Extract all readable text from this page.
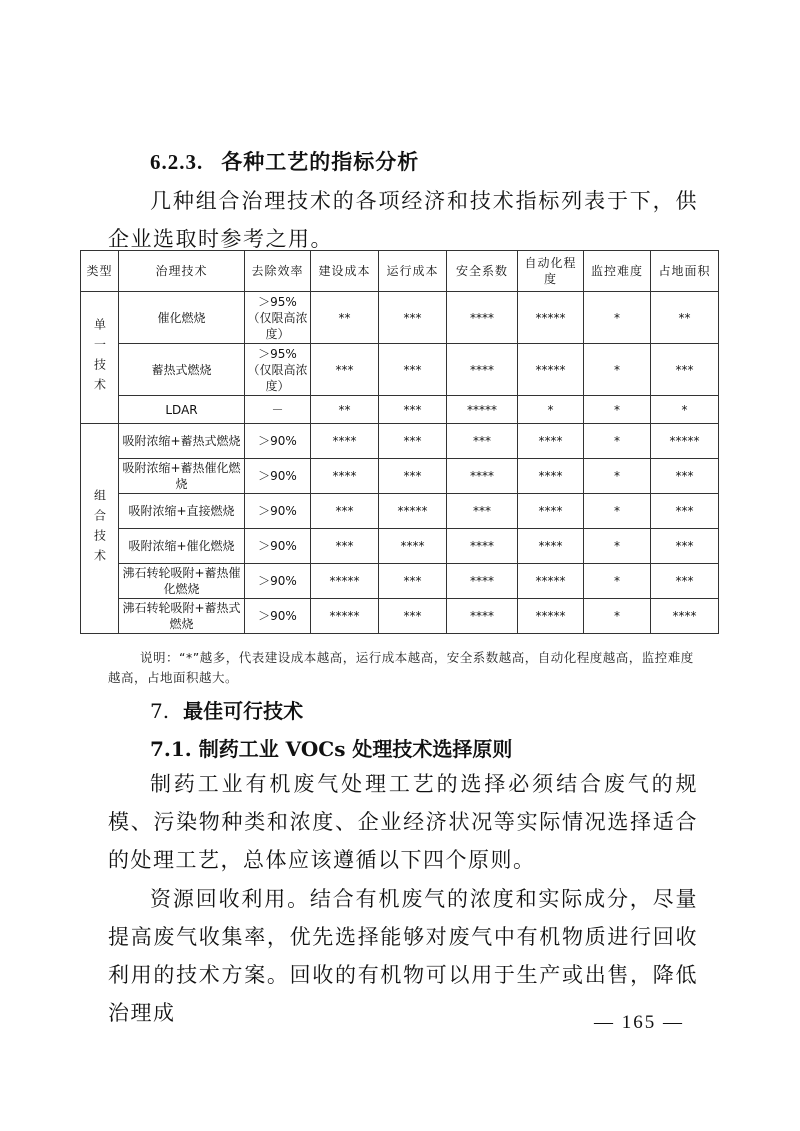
6.2.3. 各种工艺的指标分析
几种组合治理技术的各项经济和技术指标列表于下，供企业选取时参考之用。
类型	治理技术	去除效率	建设成本	运行成本	安全系数	自动化程度	监控难度	占地面积
单一技术	催化燃烧	＞95%（仅限高浓度）	**	***	****	*****	*	**
	蓄热式燃烧	＞95%（仅限高浓度）	***	***	****	*****	*	***
	LDAR	－	**	***	*****	*	*	*
组合技术	吸附浓缩+蓄热式燃烧	＞90%	****	***	***	****	*	*****
	吸附浓缩+蓄热催化燃烧	＞90%	****	***	****	****	*	***
	吸附浓缩+直接燃烧	＞90%	***	*****	***	****	*	***
	吸附浓缩+催化燃烧	＞90%	***	****	****	****	*	***
	沸石转轮吸附+蓄热催化燃烧	＞90%	*****	***	****	*****	*	***
	沸石转轮吸附+蓄热式燃烧	＞90%	*****	***	****	*****	*	****
说明：“*”越多，代表建设成本越高，运行成本越高，安全系数越高，自动化程度越高，监控难度越高，占地面积越大。
7. 最佳可行技术
7.1. 制药工业 VOCs 处理技术选择原则
制药工业有机废气处理工艺的选择必须结合废气的规模、污染物种类和浓度、企业经济状况等实际情况选择适合的处理工艺，总体应该遵循以下四个原则。
资源回收利用。结合有机废气的浓度和实际成分，尽量提高废气收集率，优先选择能够对废气中有机物质进行回收利用的技术方案。回收的有机物可以用于生产或出售，降低治理成	— 165 —
